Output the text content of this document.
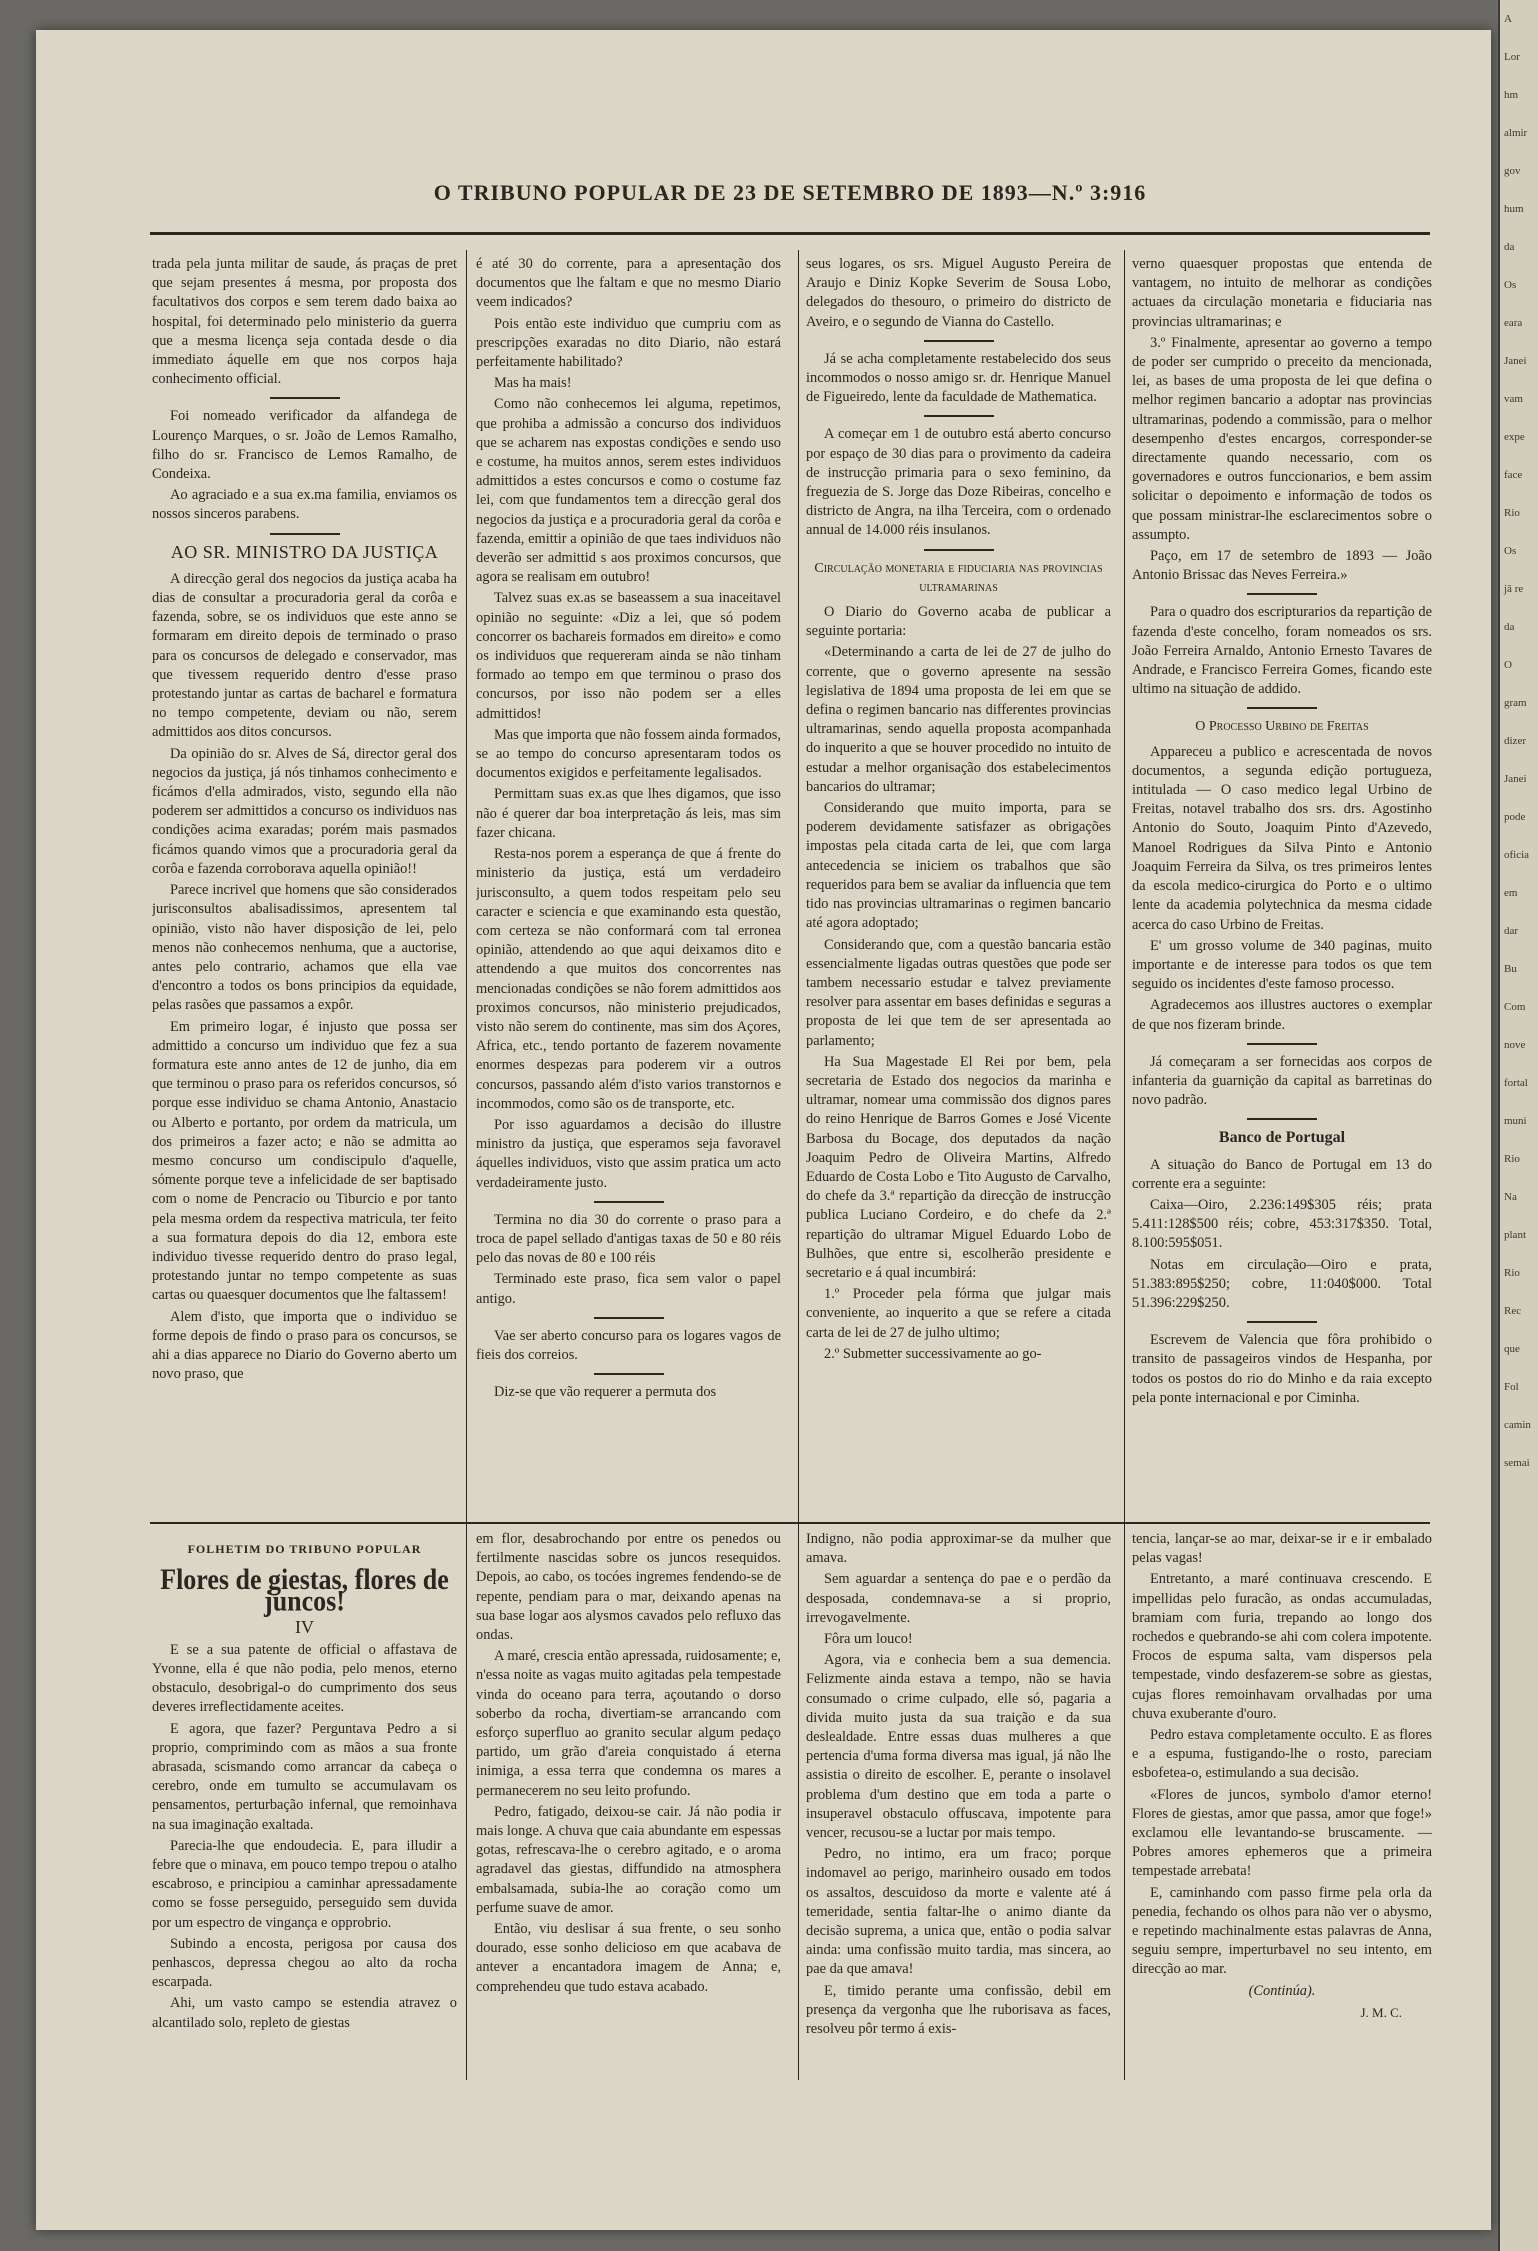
A
Lor
hm
almir
gov
hum
da
Os
eara
Janei
vam
expe
face
Rio
Os
jā re
da
O
gram
dizer
Janei
pode
oficia
em
dar
Bu
Com
nove
fortal
muni
Rio
Na
plant
Rio
Rec
que
Fol
camin
semai
O TRIBUNO POPULAR DE 23 DE SETEMBRO DE 1893—N.º 3:916

trada pela junta militar de saude, ás praças de pret que sejam presentes á mesma, por proposta dos facultativos dos corpos e sem terem dado baixa ao hospital, foi determinado pelo ministerio da guerra que a mesma licença seja contada desde o dia immediato áquelle em que nos corpos haja conhecimento official.

Foi nomeado verificador da alfandega de Lourenço Marques, o sr. João de Lemos Ramalho, filho do sr. Francisco de Lemos Ramalho, de Condeixa.

Ao agraciado e a sua ex.ma familia, enviamos os nossos sinceros parabens.

AO SR. MINISTRO DA JUSTIÇA

A direcção geral dos negocios da justiça acaba ha dias de consultar a procuradoria geral da corôa e fazenda, sobre, se os individuos que este anno se formaram em direito depois de terminado o praso para os concursos de delegado e conservador, mas que tivessem requerido dentro d'esse praso protestando juntar as cartas de bacharel e formatura no tempo competente, deviam ou não, serem admittidos aos ditos concursos.

Da opinião do sr. Alves de Sá, director geral dos negocios da justiça, já nós tinhamos conhecimento e ficámos d'ella admirados, visto, segundo ella não poderem ser admittidos a concurso os individuos nas condições acima exaradas; porém mais pasmados ficámos quando vimos que a procuradoria geral da corôa e fazenda corroborava aquella opinião!!

Parece incrivel que homens que são considerados jurisconsultos abalisadissimos, apresentem tal opinião, visto não haver disposição de lei, pelo menos não conhecemos nenhuma, que a auctorise, antes pelo contrario, achamos que ella vae d'encontro a todos os bons principios da equidade, pelas rasões que passamos a expôr.

Em primeiro logar, é injusto que possa ser admittido a concurso um individuo que fez a sua formatura este anno antes de 12 de junho, dia em que terminou o praso para os referidos concursos, só porque esse individuo se chama Antonio, Anastacio ou Alberto e portanto, por ordem da matricula, um dos primeiros a fazer acto; e não se admitta ao mesmo concurso um condiscipulo d'aquelle, sómente porque teve a infelicidade de ser baptisado com o nome de Pencracio ou Tiburcio e por tanto pela mesma ordem da respectiva matricula, ter feito a sua formatura depois do dia 12, embora este individuo tivesse requerido dentro do praso legal, protestando juntar no tempo competente as suas cartas ou quaesquer documentos que lhe faltassem!

Alem d'isto, que importa que o individuo se forme depois de findo o praso para os concursos, se ahi a dias apparece no Diario do Governo aberto um novo praso, que

é até 30 do corrente, para a apresentação dos documentos que lhe faltam e que no mesmo Diario veem indicados?

Pois então este individuo que cumpriu com as prescripções exaradas no dito Diario, não estará perfeitamente habilitado?

Mas ha mais!

Como não conhecemos lei alguma, repetimos, que prohiba a admissão a concurso dos individuos que se acharem nas expostas condições e sendo uso e costume, ha muitos annos, serem estes individuos admittidos a estes concursos e como o costume faz lei, com que fundamentos tem a direcção geral dos negocios da justiça e a procuradoria geral da corôa e fazenda, emittir a opinião de que taes individuos não deverão ser admittid s aos proximos concursos, que agora se realisam em outubro!

Talvez suas ex.as se baseassem a sua inaceitavel opinião no seguinte: «Diz a lei, que só podem concorrer os bachareis formados em direito» e como os individuos que requereram ainda se não tinham formado ao tempo em que terminou o praso dos concursos, por isso não podem ser a elles admittidos!

Mas que importa que não fossem ainda formados, se ao tempo do concurso apresentaram todos os documentos exigidos e perfeitamente legalisados.

Permittam suas ex.as que lhes digamos, que isso não é querer dar boa interpretação ás leis, mas sim fazer chicana.

Resta-nos porem a esperança de que á frente do ministerio da justiça, está um verdadeiro jurisconsulto, a quem todos respeitam pelo seu caracter e sciencia e que examinando esta questão, com certeza se não conformará com tal erronea opinião, attendendo ao que aqui deixamos dito e attendendo a que muitos dos concorrentes nas mencionadas condições se não forem admittidos aos proximos concursos, não ministerio prejudicados, visto não serem do continente, mas sim dos Açores, Africa, etc., tendo portanto de fazerem novamente enormes despezas para poderem vir a outros concursos, passando além d'isto varios transtornos e incommodos, como são os de transporte, etc.

Por isso aguardamos a decisão do illustre ministro da justiça, que esperamos seja favoravel áquelles individuos, visto que assim pratica um acto verdadeiramente justo.

Termina no dia 30 do corrente o praso para a troca de papel sellado d'antigas taxas de 50 e 80 réis pelo das novas de 80 e 100 réis

Terminado este praso, fica sem valor o papel antigo.

Vae ser aberto concurso para os logares vagos de fieis dos correios.

Diz-se que vão requerer a permuta dos

seus logares, os srs. Miguel Augusto Pereira de Araujo e Diniz Kopke Severim de Sousa Lobo, delegados do thesouro, o primeiro do districto de Aveiro, e o segundo de Vianna do Castello.

Já se acha completamente restabelecido dos seus incommodos o nosso amigo sr. dr. Henrique Manuel de Figueiredo, lente da faculdade de Mathematica.

A começar em 1 de outubro está aberto concurso por espaço de 30 dias para o provimento da cadeira de instrucção primaria para o sexo feminino, da freguezia de S. Jorge das Doze Ribeiras, concelho e districto de Angra, na ilha Terceira, com o ordenado annual de 14.000 réis insulanos.

Circulação monetaria e fiduciaria nas provincias ultramarinas

O Diario do Governo acaba de publicar a seguinte portaria:

«Determinando a carta de lei de 27 de julho do corrente, que o governo apresente na sessão legislativa de 1894 uma proposta de lei em que se defina o regimen bancario nas differentes provincias ultramarinas, sendo aquella proposta acompanhada do inquerito a que se houver procedido no intuito de estudar a melhor organisação dos estabelecimentos bancarios do ultramar;

Considerando que muito importa, para se poderem devidamente satisfazer as obrigações impostas pela citada carta de lei, que com larga antecedencia se iniciem os trabalhos que são requeridos para bem se avaliar da influencia que tem tido nas provincias ultramarinas o regimen bancario até agora adoptado;

Considerando que, com a questão bancaria estão essencialmente ligadas outras questões que pode ser tambem necessario estudar e talvez previamente resolver para assentar em bases definidas e seguras a proposta de lei que tem de ser apresentada ao parlamento;

Ha Sua Magestade El Rei por bem, pela secretaria de Estado dos negocios da marinha e ultramar, nomear uma commissão dos dignos pares do reino Henrique de Barros Gomes e José Vicente Barbosa du Bocage, dos deputados da nação Joaquim Pedro de Oliveira Martins, Alfredo Eduardo de Costa Lobo e Tito Augusto de Carvalho, do chefe da 3.ª repartição da direcção de instrucção publica Luciano Cordeiro, e do chefe da 2.ª repartição do ultramar Miguel Eduardo Lobo de Bulhões, que entre si, escolherão presidente e secretario e á qual incumbirá:

1.º Proceder pela fórma que julgar mais conveniente, ao inquerito a que se refere a citada carta de lei de 27 de julho ultimo;

2.º Submetter successivamente ao go-

verno quaesquer propostas que entenda de vantagem, no intuito de melhorar as condições actuaes da circulação monetaria e fiduciaria nas provincias ultramarinas; e

3.º Finalmente, apresentar ao governo a tempo de poder ser cumprido o preceito da mencionada, lei, as bases de uma proposta de lei que defina o melhor regimen bancario a adoptar nas provincias ultramarinas, podendo a commissão, para o melhor desempenho d'estes encargos, corresponder-se directamente quando necessario, com os governadores e outros funccionarios, e bem assim solicitar o depoimento e informação de todos os que possam ministrar-lhe esclarecimentos sobre o assumpto.

Paço, em 17 de setembro de 1893 — João Antonio Brissac das Neves Ferreira.»

Para o quadro dos escripturarios da repartição de fazenda d'este concelho, foram nomeados os srs. João Ferreira Arnaldo, Antonio Ernesto Tavares de Andrade, e Francisco Ferreira Gomes, ficando este ultimo na situação de addido.

O Processo Urbino de Freitas

Appareceu a publico e acrescentada de novos documentos, a segunda edição portugueza, intitulada — O caso medico legal Urbino de Freitas, notavel trabalho dos srs. drs. Agostinho Antonio do Souto, Joaquim Pinto d'Azevedo, Manoel Rodrigues da Silva Pinto e Antonio Joaquim Ferreira da Silva, os tres primeiros lentes da escola medico-cirurgica do Porto e o ultimo lente da academia polytechnica da mesma cidade acerca do caso Urbino de Freitas.

E' um grosso volume de 340 paginas, muito importante e de interesse para todos os que tem seguido os incidentes d'este famoso processo.

Agradecemos aos illustres auctores o exemplar de que nos fizeram brinde.

Já começaram a ser fornecidas aos corpos de infanteria da guarnição da capital as barretinas do novo padrão.

Banco de Portugal

A situação do Banco de Portugal em 13 do corrente era a seguinte:

Caixa—Oiro, 2.236:149$305 réis; prata 5.411:128$500 réis; cobre, 453:317$350. Total, 8.100:595$051.

Notas em circulação—Oiro e prata, 51.383:895$250; cobre, 11:040$000. Total 51.396:229$250.

Escrevem de Valencia que fôra prohibido o transito de passageiros vindos de Hespanha, por todos os postos do rio do Minho e da raia excepto pela ponte internacional e por Ciminha.

FOLHETIM DO TRIBUNO POPULAR
Flores de giestas, flores de juncos!
IV

E se a sua patente de official o affastava de Yvonne, ella é que não podia, pelo menos, eterno obstaculo, desobrigal-o do cumprimento dos seus deveres irreflectidamente aceites.

E agora, que fazer? Perguntava Pedro a si proprio, comprimindo com as mãos a sua fronte abrasada, scismando como arrancar da cabeça o cerebro, onde em tumulto se accumulavam os pensamentos, perturbação infernal, que remoinhava na sua imaginação exaltada.

Parecia-lhe que endoudecia. E, para illudir a febre que o minava, em pouco tempo trepou o atalho escabroso, e principiou a caminhar apressadamente como se fosse perseguido, perseguido sem duvida por um espectro de vingança e opprobrio.

Subindo a encosta, perigosa por causa dos penhascos, depressa chegou ao alto da rocha escarpada.

Ahi, um vasto campo se estendia atravez o alcantilado solo, repleto de giestas

em flor, desabrochando por entre os penedos ou fertilmente nascidas sobre os juncos resequidos. Depois, ao cabo, os tocóes ingremes fendendo-se de repente, pendiam para o mar, deixando apenas na sua base logar aos alysmos cavados pelo refluxo das ondas.

A maré, crescia então apressada, ruidosamente; e, n'essa noite as vagas muito agitadas pela tempestade vinda do oceano para terra, açoutando o dorso soberbo da rocha, divertiam-se arrancando com esforço superfluo ao granito secular algum pedaço partido, um grão d'areia conquistado á eterna inimiga, a essa terra que condemna os mares a permanecerem no seu leito profundo.

Pedro, fatigado, deixou-se cair. Já não podia ir mais longe. A chuva que caia abundante em espessas gotas, refrescava-lhe o cerebro agitado, e o aroma agradavel das giestas, diffundido na atmosphera embalsamada, subia-lhe ao coração como um perfume suave de amor.

Então, viu deslisar á sua frente, o seu sonho dourado, esse sonho delicioso em que acabava de antever a encantadora imagem de Anna; e, comprehendeu que tudo estava acabado.

Indigno, não podia approximar-se da mulher que amava.

Sem aguardar a sentença do pae e o perdão da desposada, condemnava-se a si proprio, irrevogavelmente.

Fôra um louco!

Agora, via e conhecia bem a sua demencia. Felizmente ainda estava a tempo, não se havia consumado o crime culpado, elle só, pagaria a divida muito justa da sua traição e da sua deslealdade. Entre essas duas mulheres a que pertencia d'uma forma diversa mas igual, já não lhe assistia o direito de escolher. E, perante o insolavel problema d'um destino que em toda a parte o insuperavel obstaculo offuscava, impotente para vencer, recusou-se a luctar por mais tempo.

Pedro, no intimo, era um fraco; porque indomavel ao perigo, marinheiro ousado em todos os assaltos, descuidoso da morte e valente até á temeridade, sentia faltar-lhe o animo diante da decisão suprema, a unica que, então o podia salvar ainda: uma confissão muito tardia, mas sincera, ao pae da que amava!

E, timido perante uma confissão, debil em presença da vergonha que lhe ruborisava as faces, resolveu pôr termo á exis-

tencia, lançar-se ao mar, deixar-se ir e ir embalado pelas vagas!

Entretanto, a maré continuava crescendo. E impellidas pelo furacão, as ondas accumuladas, bramiam com furia, trepando ao longo dos rochedos e quebrando-se ahi com colera impotente. Frocos de espuma salta, vam dispersos pela tempestade, vindo desfazerem-se sobre as giestas, cujas flores remoinhavam orvalhadas por uma chuva exuberante d'ouro.

Pedro estava completamente occulto. E as flores e a espuma, fustigando-lhe o rosto, pareciam esbofetea-o, estimulando a sua decisão.

«Flores de juncos, symbolo d'amor eterno! Flores de giestas, amor que passa, amor que foge!» exclamou elle levantando-se bruscamente. —Pobres amores ephemeros que a primeira tempestade arrebata!

E, caminhando com passo firme pela orla da penedia, fechando os olhos para não ver o abysmo, e repetindo machinalmente estas palavras de Anna, seguiu sempre, imperturbavel no seu intento, em direcção ao mar.

(Continúa).

J. M. C.
